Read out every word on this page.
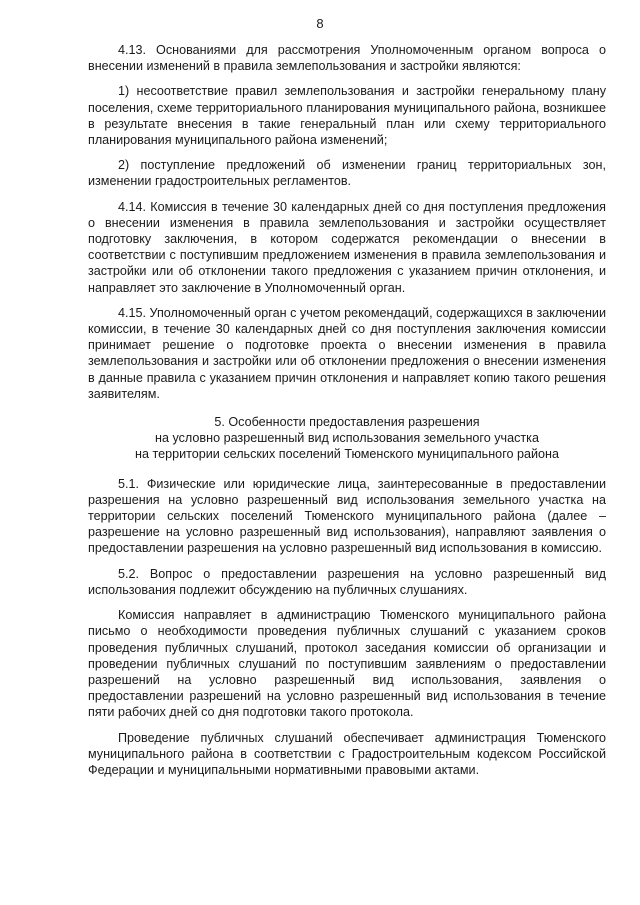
8

4.13. Основаниями для рассмотрения Уполномоченным органом вопроса о внесении изменений в правила землепользования и застройки являются:

1) несоответствие правил землепользования и застройки генеральному плану поселения, схеме территориального планирования муниципального района, возникшее в результате внесения в такие генеральный план или схему территориального планирования муниципального района изменений;

2) поступление предложений об изменении границ территориальных зон, изменении градостроительных регламентов.

4.14. Комиссия в течение 30 календарных дней со дня поступления предложения о внесении изменения в правила землепользования и застройки осуществляет подготовку заключения, в котором содержатся рекомендации о внесении в соответствии с поступившим предложением изменения в правила землепользования и застройки или об отклонении такого предложения с указанием причин отклонения, и направляет это заключение в Уполномоченный орган.

4.15. Уполномоченный орган с учетом рекомендаций, содержащихся в заключении комиссии, в течение 30 календарных дней со дня поступления заключения комиссии принимает решение о подготовке проекта о внесении изменения в правила землепользования и застройки или об отклонении предложения о внесении изменения в данные правила с указанием причин отклонения и направляет копию такого решения заявителям.

5. Особенности предоставления разрешения
на условно разрешенный вид использования земельного участка
на территории сельских поселений Тюменского муниципального района

5.1. Физические или юридические лица, заинтересованные в предоставлении разрешения на условно разрешенный вид использования земельного участка на территории сельских поселений Тюменского муниципального района (далее – разрешение на условно разрешенный вид использования), направляют заявления о предоставлении разрешения на условно разрешенный вид использования в комиссию.

5.2. Вопрос о предоставлении разрешения на условно разрешенный вид использования подлежит обсуждению на публичных слушаниях.

Комиссия направляет в администрацию Тюменского муниципального района письмо о необходимости проведения публичных слушаний с указанием сроков проведения публичных слушаний, протокол заседания комиссии об организации и проведении публичных слушаний по поступившим заявлениям о предоставлении разрешений на условно разрешенный вид использования, заявления о предоставлении разрешений на условно разрешенный вид использования в течение пяти рабочих дней со дня подготовки такого протокола.

Проведение публичных слушаний обеспечивает администрация Тюменского муниципального района в соответствии с Градостроительным кодексом Российской Федерации и муниципальными нормативными правовыми актами.
